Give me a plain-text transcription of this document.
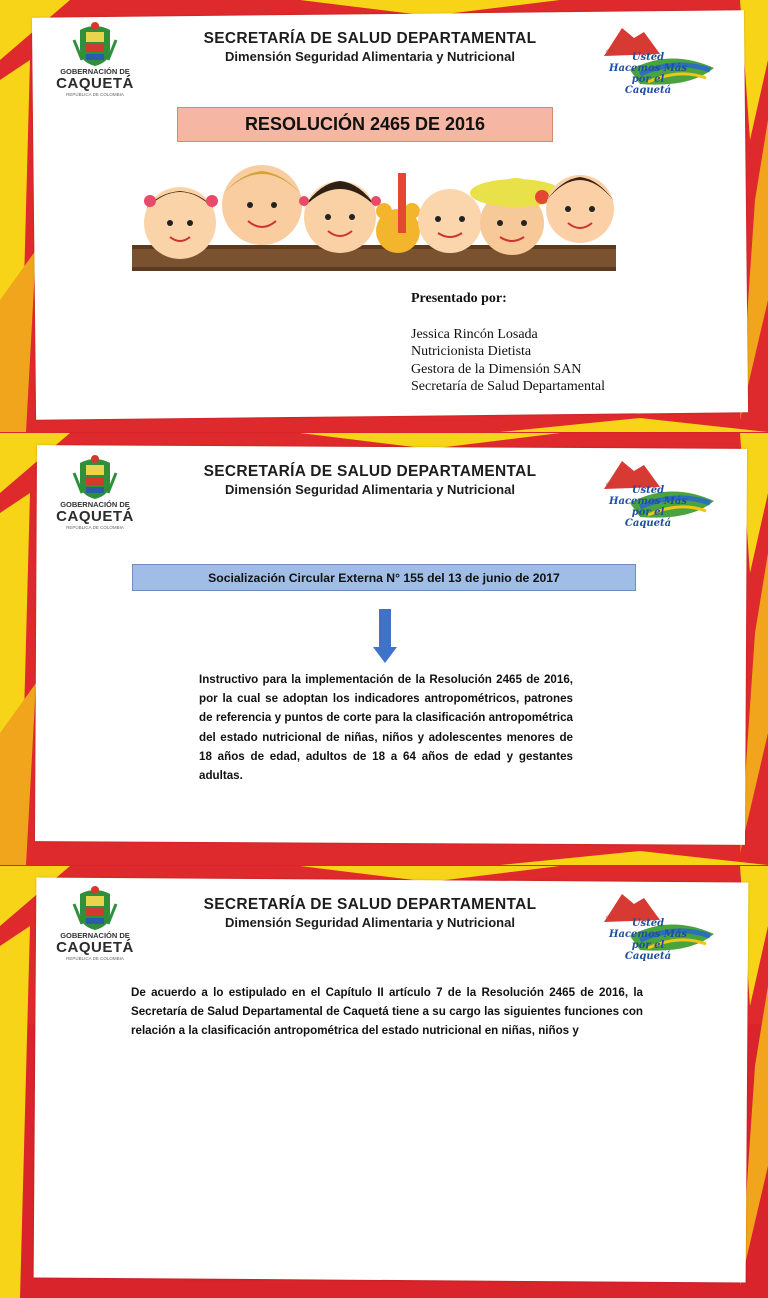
GOBERNACIÓN DE
CAQUETÁ
REPÚBLICA DE COLOMBIA
SECRETARÍA DE SALUD DEPARTAMENTAL
Dimensión Seguridad Alimentaria y Nutricional	Con
Usted Hacemos Más
por el Caquetá
RESOLUCIÓN 2465 DE 2016
Presentado por:
Jessica Rincón Losada
Nutricionista Dietista
Gestora de la Dimensión SAN
Secretaría de Salud Departamental
GOBERNACIÓN DE
CAQUETÁ
REPÚBLICA DE COLOMBIA
SECRETARÍA DE SALUD DEPARTAMENTAL
Dimensión Seguridad Alimentaria y Nutricional	Con
Usted Hacemos Más
por el Caquetá
Socialización Circular Externa N° 155 del 13 de junio de 2017
Instructivo para la implementación de la Resolución 2465 de 2016, por la cual se adoptan los indicadores antropométricos, patrones de referencia y puntos de corte para la clasificación antropométrica del estado nutricional de niñas, niños y adolescentes menores de 18 años de edad, adultos de 18 a 64 años de edad y gestantes adultas.
GOBERNACIÓN DE
CAQUETÁ
REPÚBLICA DE COLOMBIA
SECRETARÍA DE SALUD DEPARTAMENTAL
Dimensión Seguridad Alimentaria y Nutricional	Con
Usted Hacemos Más
por el Caquetá
De acuerdo a lo estipulado en el Capítulo II artículo 7 de la Resolución 2465 de 2016, la Secretaría de Salud Departamental de Caquetá tiene a su cargo las siguientes funciones con relación a la clasificación antropométrica del estado nutricional en niñas, niños y
